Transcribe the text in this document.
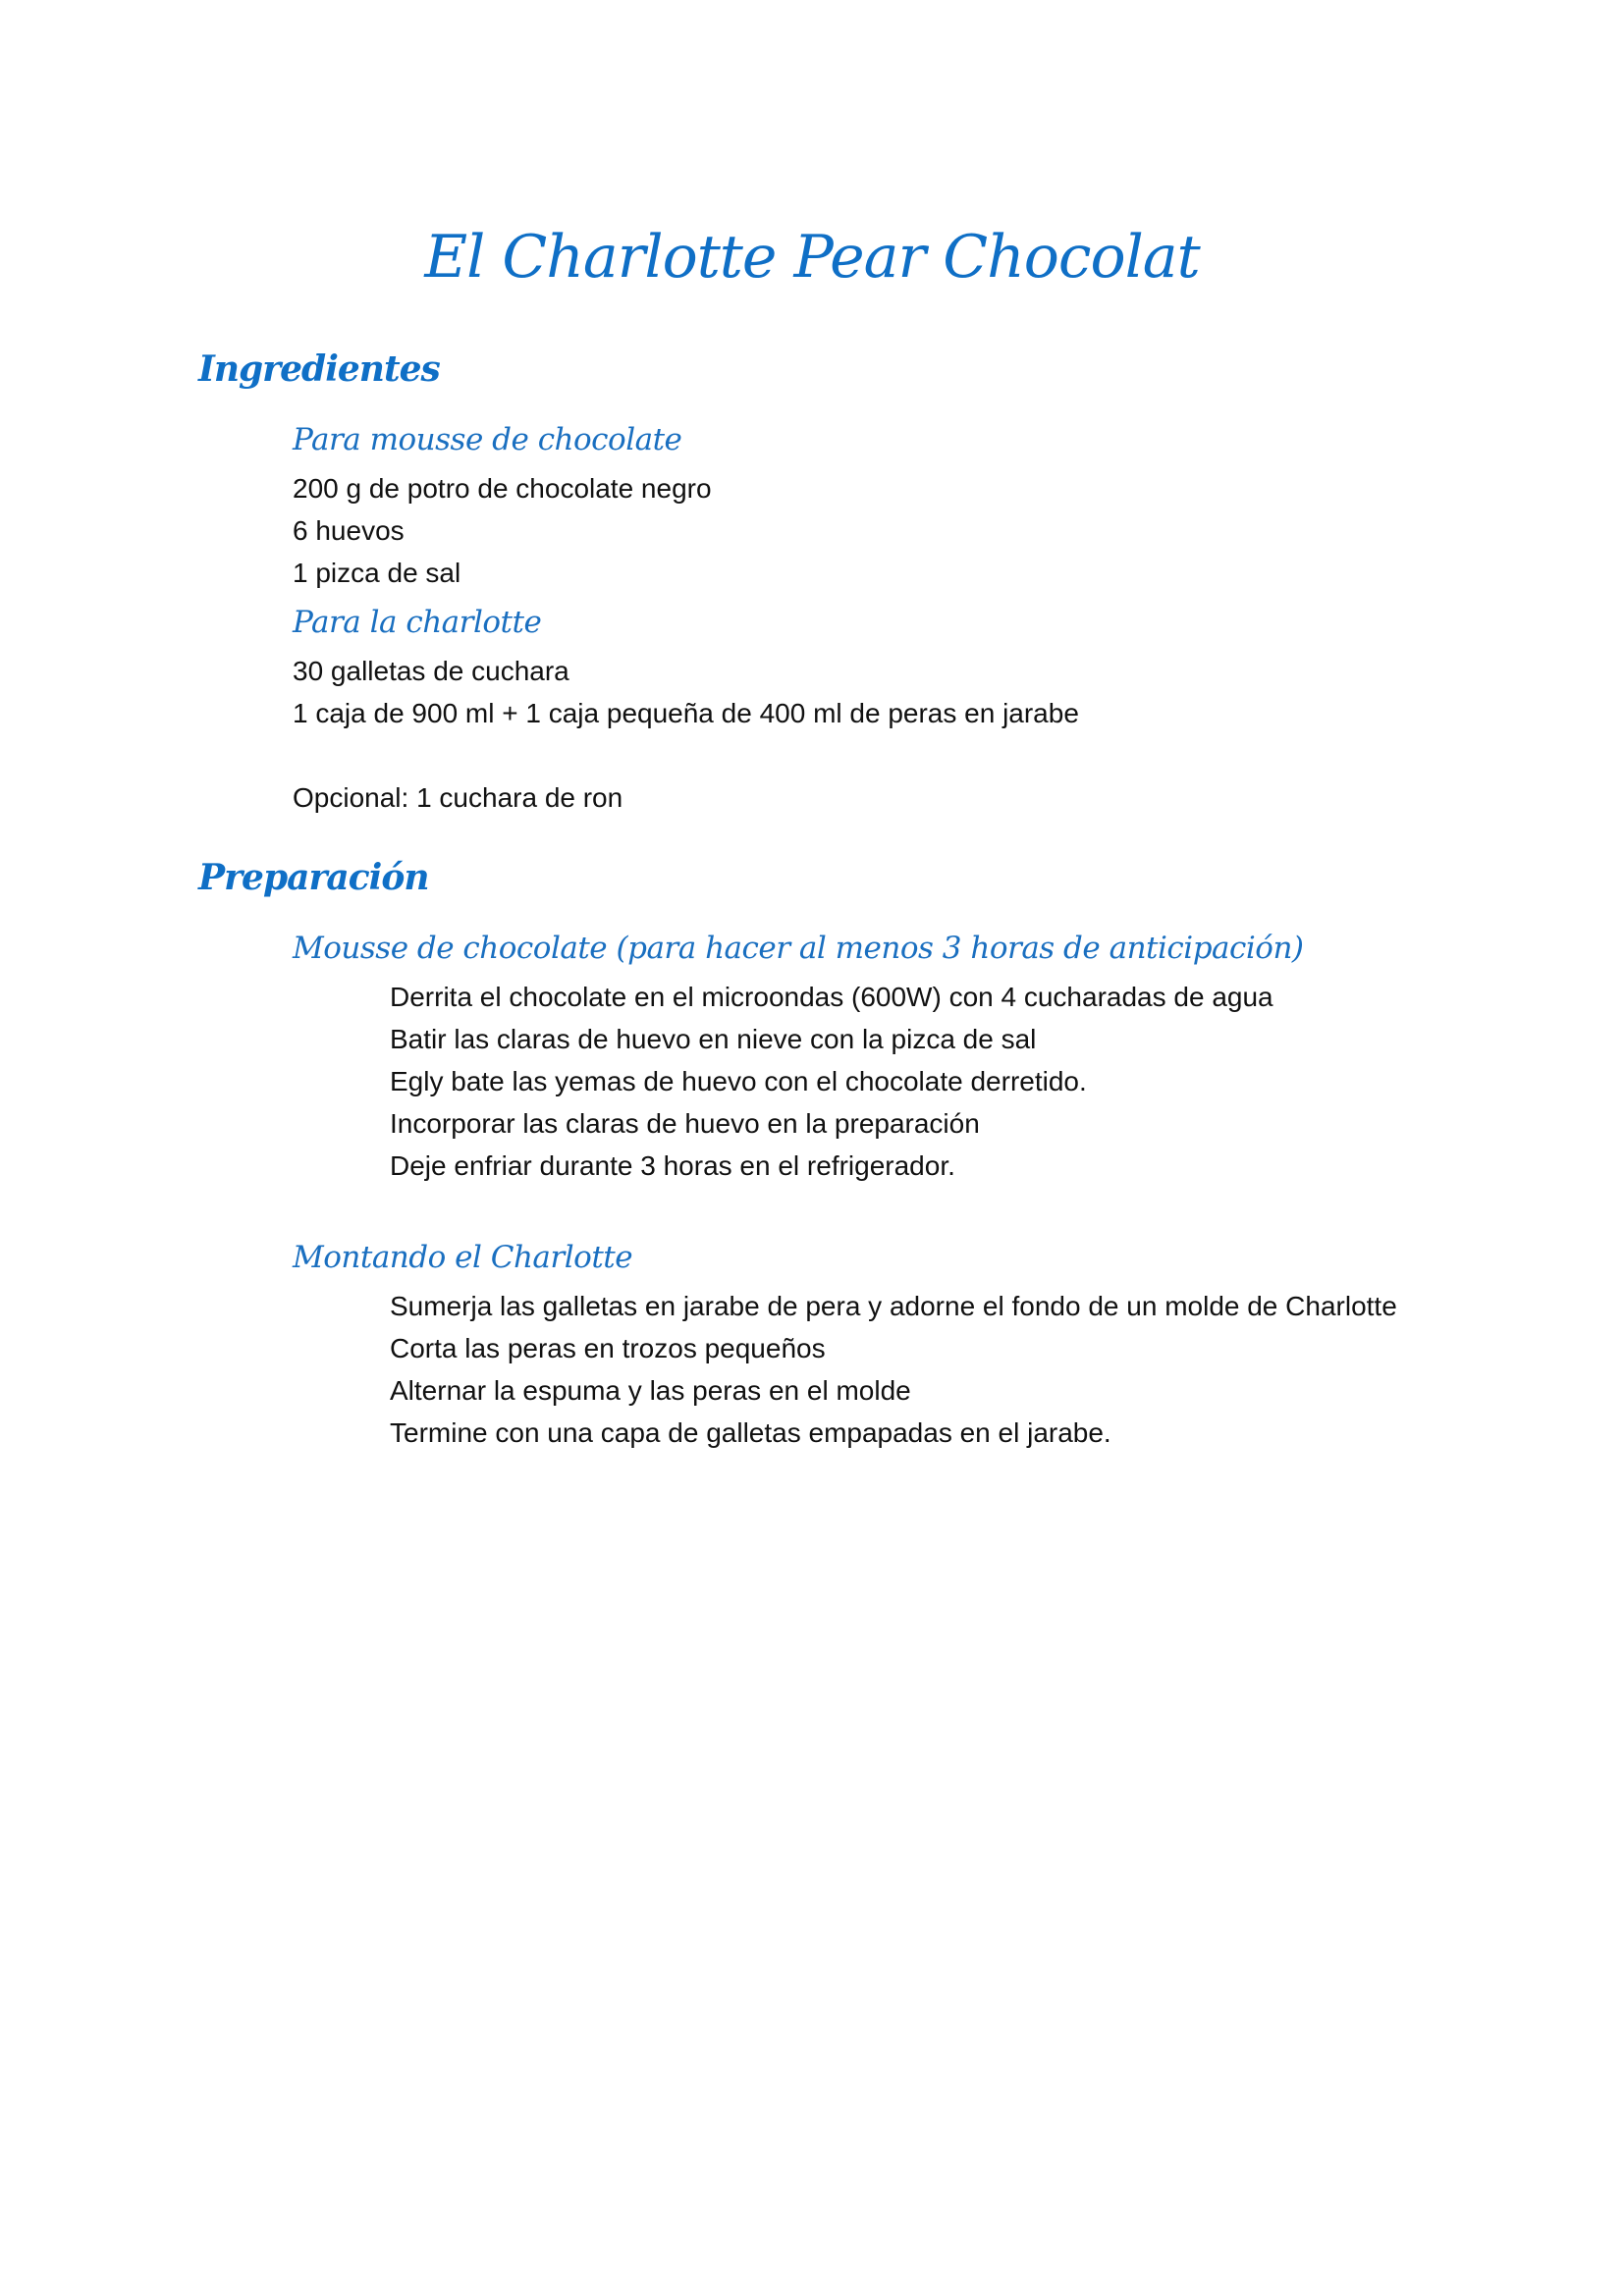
El Charlotte Pear Chocolat
Ingredientes
Para mousse de chocolate
200 g de potro de chocolate negro
6 huevos
1 pizca de sal
Para la charlotte
30 galletas de cuchara
1 caja de 900 ml + 1 caja pequeña de 400 ml de peras en jarabe

Opcional: 1 cuchara de ron

Preparación
Mousse de chocolate (para hacer al menos 3 horas de anticipación)
Derrita el chocolate en el microondas (600W) con 4 cucharadas de agua
Batir las claras de huevo en nieve con la pizca de sal
Egly bate las yemas de huevo con el chocolate derretido.
Incorporar las claras de huevo en la preparación
Deje enfriar durante 3 horas en el refrigerador.
Montando el Charlotte
Sumerja las galletas en jarabe de pera y adorne el fondo de un molde de Charlotte
Corta las peras en trozos pequeños
Alternar la espuma y las peras en el molde
Termine con una capa de galletas empapadas en el jarabe.
